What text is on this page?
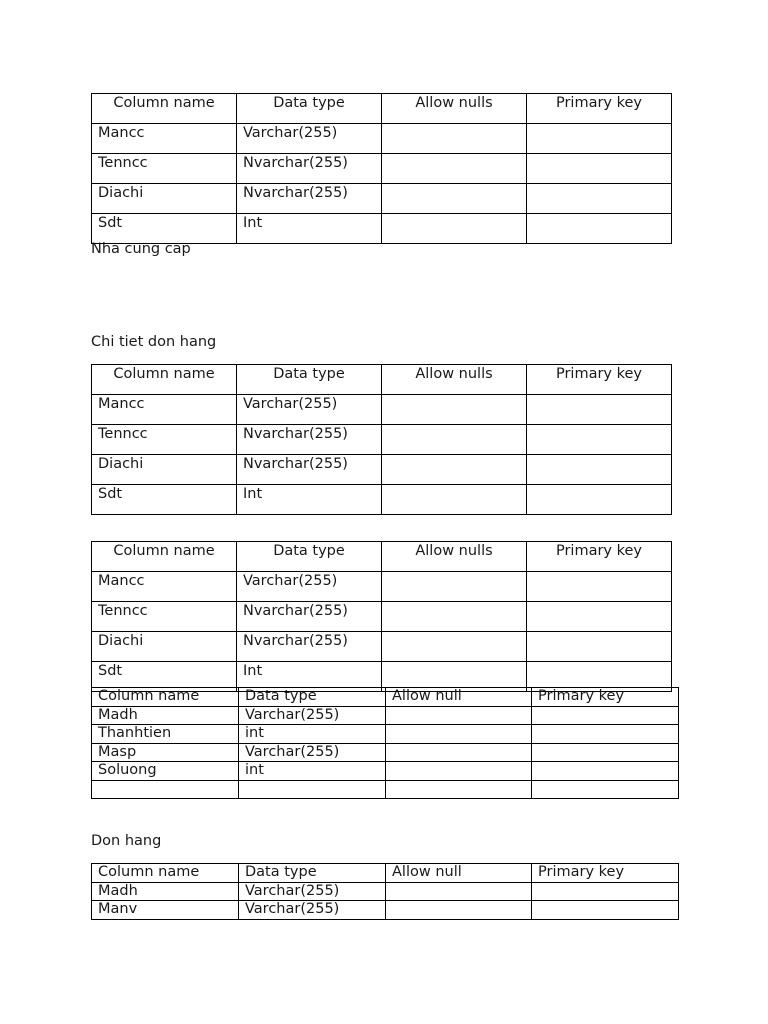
Column name	Data type	Allow nulls	Primary key
Mancc	Varchar(255)		
Tenncc	Nvarchar(255)		
Diachi	Nvarchar(255)		
Sdt	Int		
Nha cung cap
Chi tiet don hang
Column name	Data type	Allow nulls	Primary key
Mancc	Varchar(255)		
Tenncc	Nvarchar(255)		
Diachi	Nvarchar(255)		
Sdt	Int		
Column name	Data type	Allow nulls	Primary key
Mancc	Varchar(255)		
Tenncc	Nvarchar(255)		
Diachi	Nvarchar(255)		
Sdt	Int		
Column name	Data type	Allow null	Primary key
Madh	Varchar(255)		
Thanhtien	int		
Masp	Varchar(255)		
Soluong	int		

Don hang
Column name	Data type	Allow null	Primary key
Madh	Varchar(255)		
Manv	Varchar(255)		
